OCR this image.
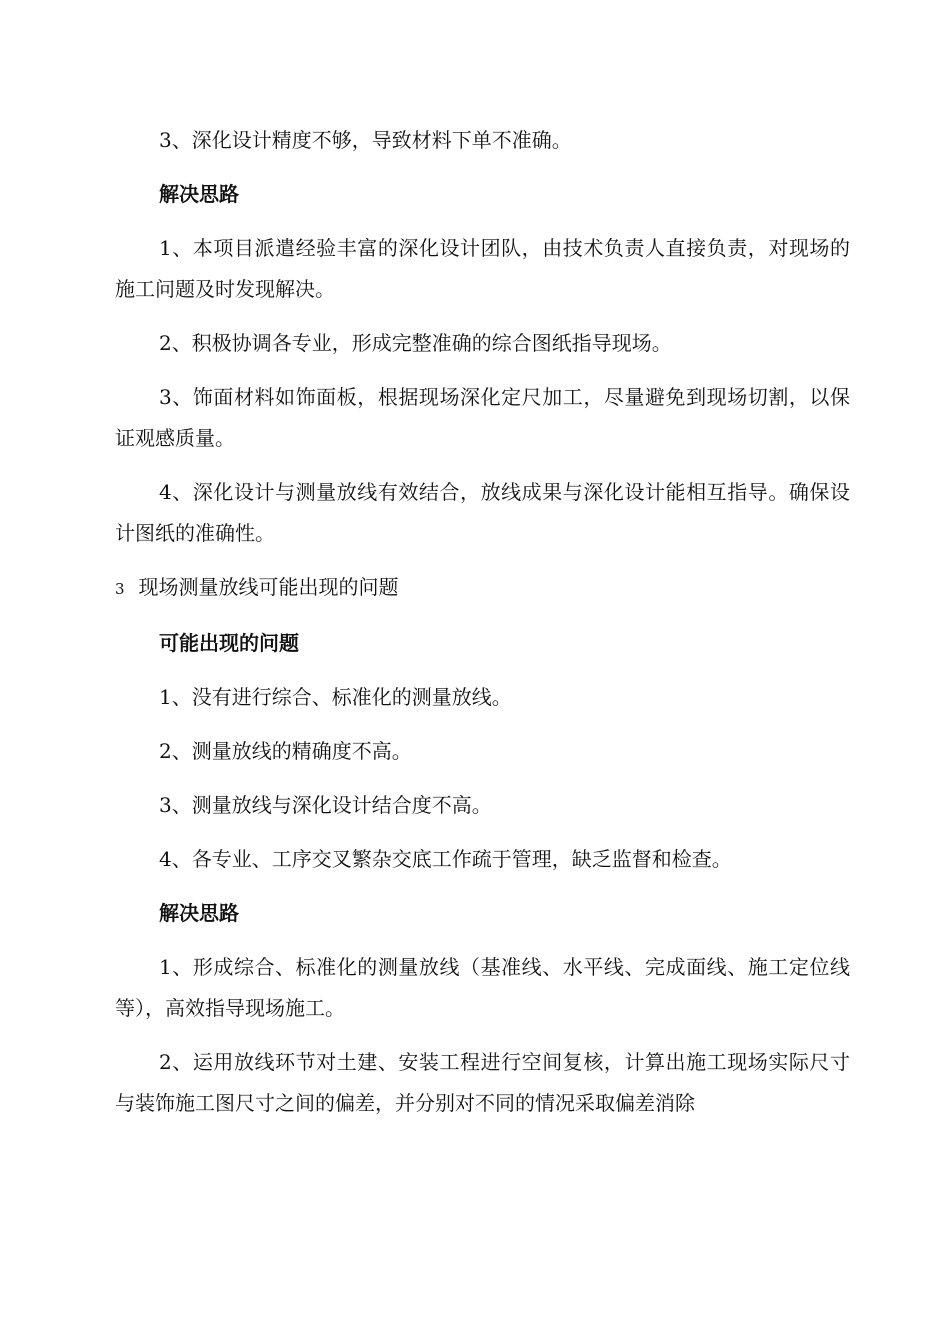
3、深化设计精度不够，导致材料下单不准确。

解决思路

1、本项目派遣经验丰富的深化设计团队，由技术负责人直接负责，对现场的施工问题及时发现解决。

2、积极协调各专业，形成完整准确的综合图纸指导现场。

3、饰面材料如饰面板，根据现场深化定尺加工，尽量避免到现场切割，以保证观感质量。

4、深化设计与测量放线有效结合，放线成果与深化设计能相互指导。确保设计图纸的准确性。

3 现场测量放线可能出现的问题

可能出现的问题

1、没有进行综合、标准化的测量放线。

2、测量放线的精确度不高。

3、测量放线与深化设计结合度不高。

4、各专业、工序交叉繁杂交底工作疏于管理，缺乏监督和检查。

解决思路

1、形成综合、标准化的测量放线（基准线、水平线、完成面线、施工定位线等），高效指导现场施工。

2、运用放线环节对土建、安装工程进行空间复核，计算出施工现场实际尺寸与装饰施工图尺寸之间的偏差，并分别对不同的情况采取偏差消除
